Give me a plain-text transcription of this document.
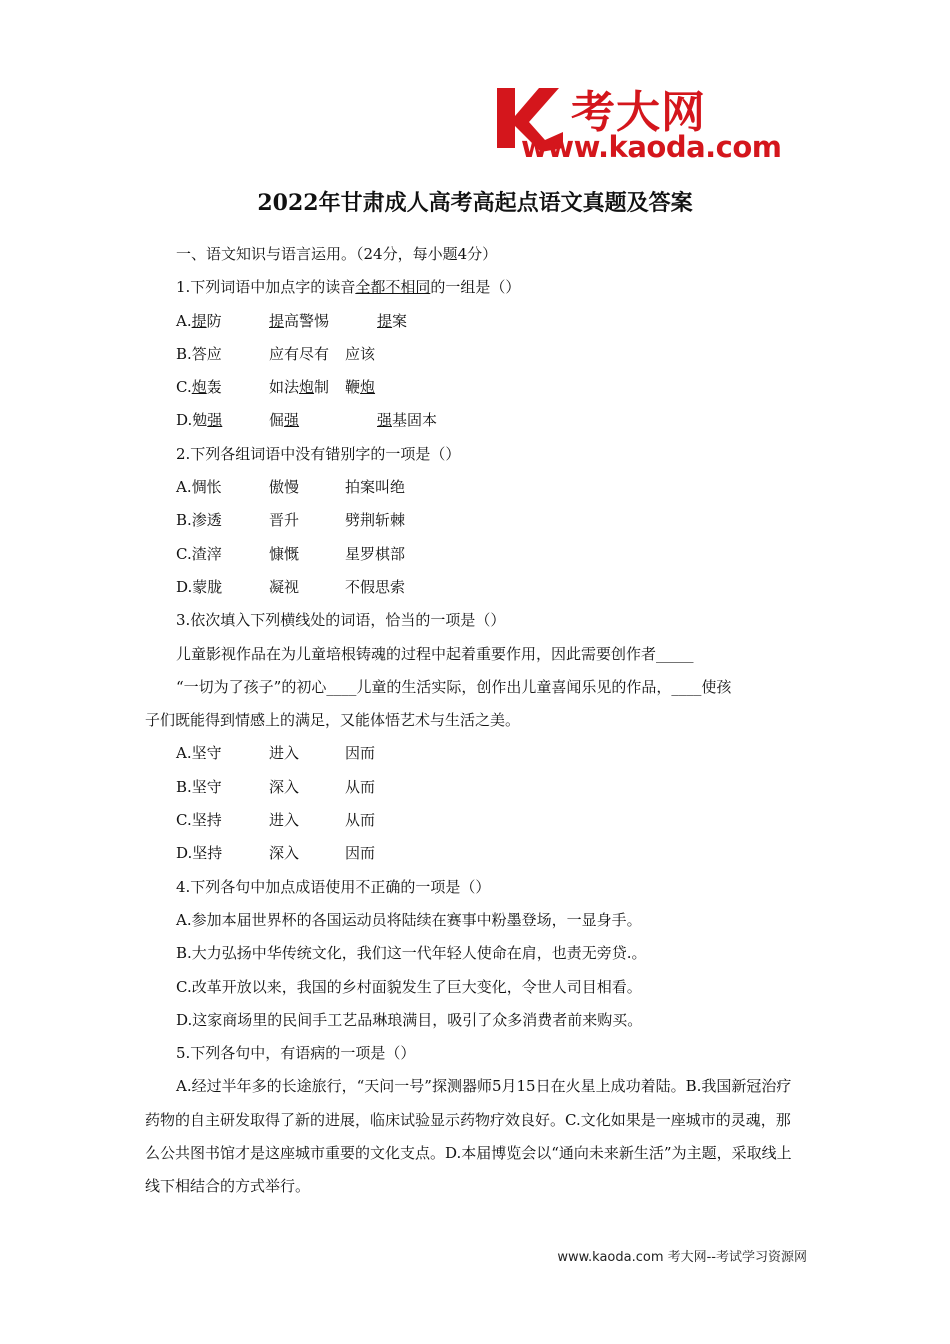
考大网
www.kaoda.com
2022年甘肃成人高考高起点语文真题及答案
一、语文知识与语言运用。（24分，每小题4分）
1.下列词语中加点字的读音全都不相同的一组是（）
A.提防	提高警惕	提案
B.答应	应有尽有 应该
C.炮轰	如法炮制 鞭炮
D.勉强	倔强	强基固本
2.下列各组词语中没有错别字的一项是（）
A.惆怅	傲慢	拍案叫绝
B.渗透	晋升	劈荆斩棘
C.渣滓	慷慨	星罗棋部
D.蒙胧	凝视	不假思索
3.依次填入下列横线处的词语，恰当的一项是（）
儿童影视作品在为儿童培根铸魂的过程中起着重要作用，因此需要创作者_____
“一切为了孩子”的初心____儿童的生活实际，创作出儿童喜闻乐见的作品，____使孩
子们既能得到情感上的满足，又能体悟艺术与生活之美。
A.坚守	进入	因而
B.坚守	深入	从而
C.坚持	进入	从而
D.坚持	深入	因而
4.下列各句中加点成语使用不正确的一项是（）
A.参加本届世界杯的各国运动员将陆续在赛事中粉墨登场，一显身手。
B.大力弘扬中华传统文化，我们这一代年轻人使命在肩，也责无旁贷.。
C.改革开放以来，我国的乡村面貌发生了巨大变化，令世人司目相看。
D.这家商场里的民间手工艺品琳琅满目，吸引了众多消费者前来购买。
5.下列各句中，有语病的一项是（）

A.经过半年多的长途旅行，“天问一号”探测器师5月15日在火星上成功着陆。B.我国新冠治疗药物的自主研发取得了新的进展，临床试验显示药物疗效良好。C.文化如果是一座城市的灵魂，那么公共图书馆才是这座城市重要的文化支点。D.本届博览会以“通向未来新生活”为主题，采取线上线下相结合的方式举行。

www.kaoda.com 考大网--考试学习资源网
